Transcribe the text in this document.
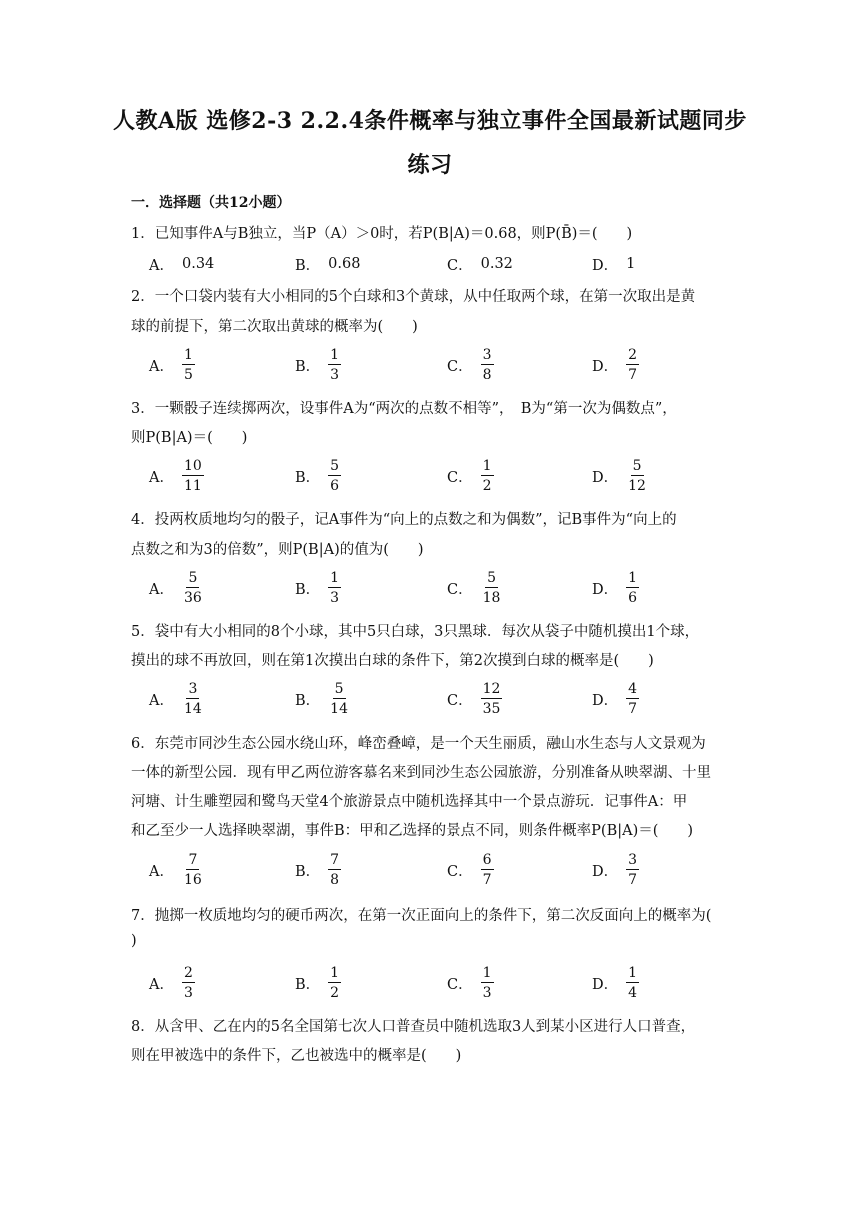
人教A版 选修2-3 2.2.4条件概率与独立事件全国最新试题同步
练习
一．选择题（共12小题）
1．已知事件A与B独立，当P（A）＞0时，若P(B|A)＝0.68，则P(B̄)＝(　　)
A． 0.34	B． 0.68	C． 0.32	D． 1
2．一个口袋内装有大小相同的5个白球和3个黄球，从中任取两个球，在第一次取出是黄
球的前提下，第二次取出黄球的概率为(　　)
A． $\frac{1}{5}$	B． $\frac{1}{3}$	C． $\frac{3}{8}$	D． $\frac{2}{7}$
3．一颗骰子连续掷两次，设事件A为“两次的点数不相等”，　B为“第一次为偶数点”，
则P(B|A)＝(　　)
A． $\frac{10}{11}$	B． $\frac{5}{6}$	C． $\frac{1}{2}$	D． $\frac{5}{12}$
4．投两枚质地均匀的骰子，记A事件为“向上的点数之和为偶数”，记B事件为“向上的
点数之和为3的倍数”，则P(B|A)的值为(　　)
A． $\frac{5}{36}$	B． $\frac{1}{3}$	C． $\frac{5}{18}$	D． $\frac{1}{6}$
5．袋中有大小相同的8个小球，其中5只白球，3只黑球．每次从袋子中随机摸出1个球，
摸出的球不再放回，则在第1次摸出白球的条件下，第2次摸到白球的概率是(　　)
A． $\frac{3}{14}$	B． $\frac{5}{14}$	C． $\frac{12}{35}$	D． $\frac{4}{7}$
6．东莞市同沙生态公园水绕山环，峰峦叠嶂，是一个天生丽质，融山水生态与人文景观为
一体的新型公园．现有甲乙两位游客慕名来到同沙生态公园旅游，分别准备从映翠湖、十里
河塘、计生雕塑园和鹭鸟天堂4个旅游景点中随机选择其中一个景点游玩．记事件A：甲
和乙至少一人选择映翠湖，事件B：甲和乙选择的景点不同，则条件概率P(B|A)＝(　　)
A． $\frac{7}{16}$	B． $\frac{7}{8}$	C． $\frac{6}{7}$	D． $\frac{3}{7}$
7．抛掷一枚质地均匀的硬币两次，在第一次正面向上的条件下，第二次反面向上的概率为(
)
A． $\frac{2}{3}$	B． $\frac{1}{2}$	C． $\frac{1}{3}$	D． $\frac{1}{4}$
8．从含甲、乙在内的5名全国第七次人口普查员中随机选取3人到某小区进行人口普查，
则在甲被选中的条件下，乙也被选中的概率是(　　)
